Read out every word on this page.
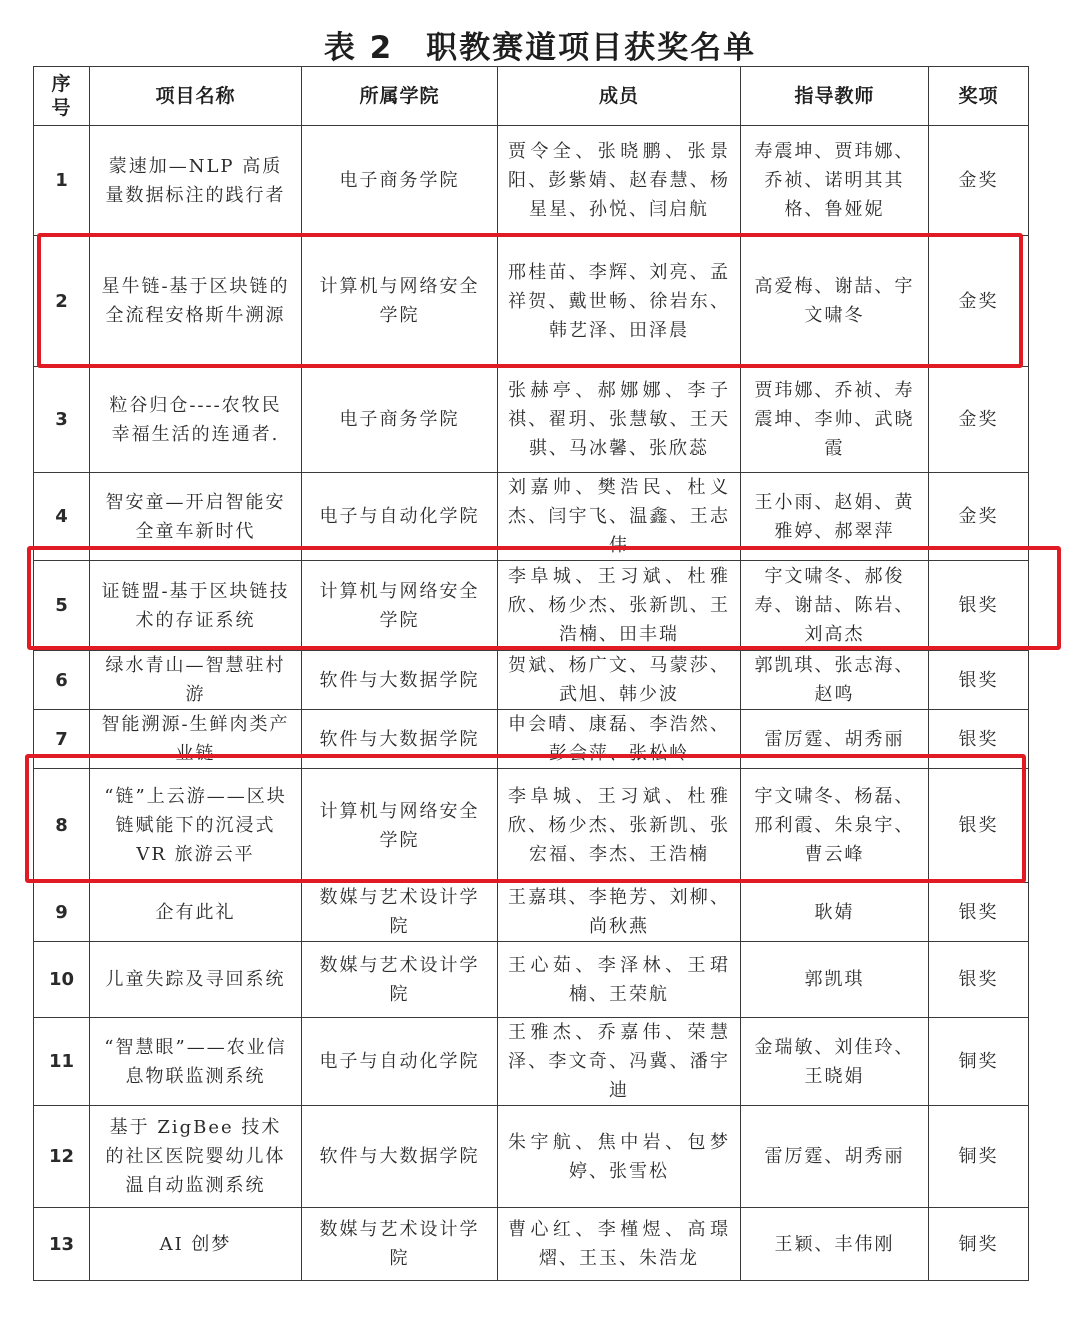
表 2　职教赛道项目获奖名单
序号	项目名称	所属学院	成员	指导教师	奖项
1	蒙速加—NLP 高质量数据标注的践行者	电子商务学院	贾令全、张晓鹏、张景阳、彭紫婧、赵春慧、杨星星、孙悦、闫启航	寿震坤、贾玮娜、乔祯、诺明其其格、鲁娅妮	金奖
2	星牛链-基于区块链的全流程安格斯牛溯源	计算机与网络安全学院	邢桂苗、李辉、刘亮、孟祥贺、戴世畅、徐岩东、韩艺泽、田泽晨	高爱梅、谢喆、宇文啸冬	金奖
3	粒谷归仓----农牧民幸福生活的连通者.	电子商务学院	张赫亭、郝娜娜、李子祺、翟玥、张慧敏、王天骐、马冰馨、张欣蕊	贾玮娜、乔祯、寿震坤、李帅、武晓霞	金奖
4	智安童—开启智能安全童车新时代	电子与自动化学院	刘嘉帅、樊浩民、杜义杰、闫宇飞、温鑫、王志伟	王小雨、赵娟、黄雅婷、郝翠萍	金奖
5	证链盟-基于区块链技术的存证系统	计算机与网络安全学院	李阜城、王习斌、杜雅欣、杨少杰、张新凯、王浩楠、田丰瑞	宇文啸冬、郝俊寿、谢喆、陈岩、刘高杰	银奖
6	绿水青山—智慧驻村游	软件与大数据学院	贺斌、杨广文、马蒙莎、武旭、韩少波	郭凯琪、张志海、赵鸣	银奖
7	智能溯源-生鲜肉类产业链	软件与大数据学院	申会晴、康磊、李浩然、彭会萍、张松岭	雷厉霆、胡秀丽	银奖
8	“链”上云游——区块链赋能下的沉浸式 VR 旅游云平	计算机与网络安全学院	李阜城、王习斌、杜雅欣、杨少杰、张新凯、张宏福、李杰、王浩楠	宇文啸冬、杨磊、邢利霞、朱泉宇、曹云峰	银奖
9	企有此礼	数媒与艺术设计学院	王嘉琪、李艳芳、刘柳、尚秋燕	耿婧	银奖
10	儿童失踪及寻回系统	数媒与艺术设计学院	王心茹、李泽林、王珺楠、王荣航	郭凯琪	银奖
11	“智慧眼”——农业信息物联监测系统	电子与自动化学院	王雅杰、乔嘉伟、荣慧泽、李文奇、冯冀、潘宇迪	金瑞敏、刘佳玲、王晓娟	铜奖
12	基于 ZigBee 技术的社区医院婴幼儿体温自动监测系统	软件与大数据学院	朱宇航、焦中岩、包梦婷、张雪松	雷厉霆、胡秀丽	铜奖
13	AI 创梦	数媒与艺术设计学院	曹心红、李槿煜、高璟熠、王玉、朱浩龙	王颖、丰伟刚	铜奖
